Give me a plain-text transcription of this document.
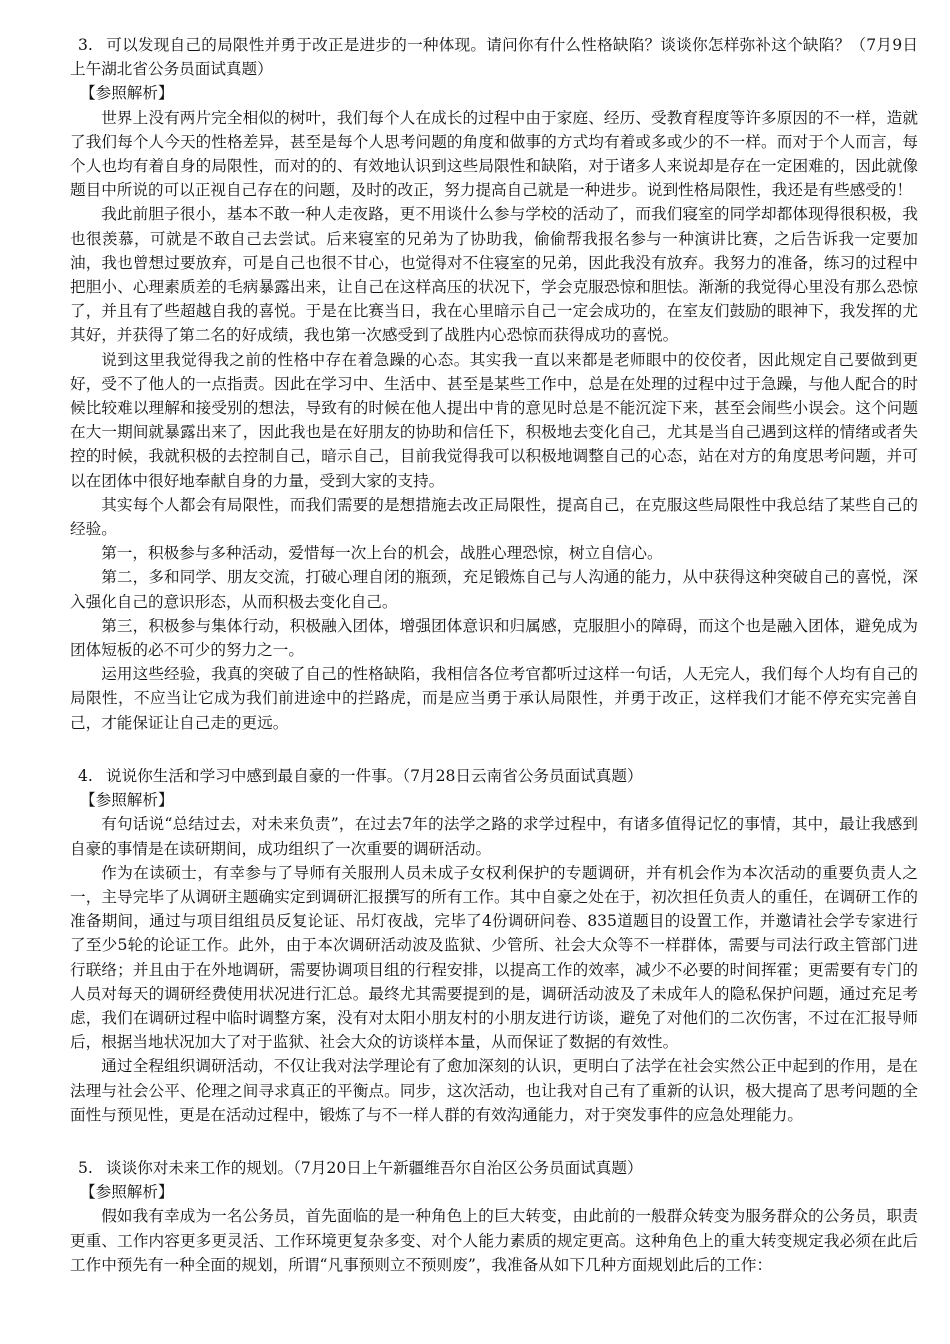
3. 可以发现自己的局限性并勇于改正是进步的一种体现。请问你有什么性格缺陷？谈谈你怎样弥补这个缺陷？（7月9日上午湖北省公务员面试真题）

【参照解析】

世界上没有两片完全相似的树叶，我们每个人在成长的过程中由于家庭、经历、受教育程度等许多原因的不一样，造就了我们每个人今天的性格差异，甚至是每个人思考问题的角度和做事的方式均有着或多或少的不一样。而对于个人而言，每个人也均有着自身的局限性，而对的的、有效地认识到这些局限性和缺陷，对于诸多人来说却是存在一定困难的，因此就像题目中所说的可以正视自己存在的问题，及时的改正，努力提高自己就是一种进步。说到性格局限性，我还是有些感受的！

我此前胆子很小，基本不敢一种人走夜路，更不用谈什么参与学校的活动了，而我们寝室的同学却都体现得很积极，我也很羡慕，可就是不敢自己去尝试。后来寝室的兄弟为了协助我，偷偷帮我报名参与一种演讲比赛，之后告诉我一定要加油，我也曾想过要放弃，可是自己也很不甘心，也觉得对不住寝室的兄弟，因此我没有放弃。我努力的准备，练习的过程中把胆小、心理素质差的毛病暴露出来，让自己在这样高压的状况下，学会克服恐惊和胆怯。渐渐的我觉得心里没有那么恐惊了，并且有了些超越自我的喜悦。于是在比赛当日，我在心里暗示自己一定会成功的，在室友们鼓励的眼神下，我发挥的尤其好，并获得了第二名的好成绩，我也第一次感受到了战胜内心恐惊而获得成功的喜悦。

说到这里我觉得我之前的性格中存在着急躁的心态。其实我一直以来都是老师眼中的佼佼者，因此规定自己要做到更好，受不了他人的一点指责。因此在学习中、生活中、甚至是某些工作中，总是在处理的过程中过于急躁，与他人配合的时候比较难以理解和接受别的想法，导致有的时候在他人提出中肯的意见时总是不能沉淀下来，甚至会闹些小误会。这个问题在大一期间就暴露出来了，因此我也是在好朋友的协助和信任下，积极地去变化自己，尤其是当自己遇到这样的情绪或者失控的时候，我就积极的去控制自己，暗示自己，目前我觉得我可以积极地调整自己的心态，站在对方的角度思考问题，并可以在团体中很好地奉献自身的力量，受到大家的支持。

其实每个人都会有局限性，而我们需要的是想措施去改正局限性，提高自己，在克服这些局限性中我总结了某些自己的经验。

第一，积极参与多种活动，爱惜每一次上台的机会，战胜心理恐惊，树立自信心。

第二，多和同学、朋友交流，打破心理自闭的瓶颈，充足锻炼自己与人沟通的能力，从中获得这种突破自己的喜悦，深入强化自己的意识形态，从而积极去变化自己。

第三，积极参与集体行动，积极融入团体，增强团体意识和归属感，克服胆小的障碍，而这个也是融入团体，避免成为团体短板的必不可少的努力之一。

运用这些经验，我真的突破了自己的性格缺陷，我相信各位考官都听过这样一句话，人无完人，我们每个人均有自己的局限性，不应当让它成为我们前进途中的拦路虎，而是应当勇于承认局限性，并勇于改正，这样我们才能不停充实完善自己，才能保证让自己走的更远。

4. 说说你生活和学习中感到最自豪的一件事。（7月28日云南省公务员面试真题）

【参照解析】

有句话说“总结过去，对未来负责”，在过去7年的法学之路的求学过程中，有诸多值得记忆的事情，其中，最让我感到自豪的事情是在读研期间，成功组织了一次重要的调研活动。

作为在读硕士，有幸参与了导师有关服刑人员未成子女权利保护的专题调研，并有机会作为本次活动的重要负责人之一，主导完毕了从调研主题确实定到调研汇报撰写的所有工作。其中自豪之处在于，初次担任负责人的重任，在调研工作的准备期间，通过与项目组组员反复论证、吊灯夜战，完毕了4份调研问卷、835道题目的设置工作，并邀请社会学专家进行了至少5轮的论证工作。此外，由于本次调研活动波及监狱、少管所、社会大众等不一样群体，需要与司法行政主管部门进行联络；并且由于在外地调研，需要协调项目组的行程安排，以提高工作的效率，减少不必要的时间挥霍；更需要有专门的人员对每天的调研经费使用状况进行汇总。最终尤其需要提到的是，调研活动波及了未成年人的隐私保护问题，通过充足考虑，我们在调研过程中临时调整方案，没有对太阳小朋友村的小朋友进行访谈，避免了对他们的二次伤害，不过在汇报导师后，根据当地状况加大了对于监狱、社会大众的访谈样本量，从而保证了数据的有效性。

通过全程组织调研活动，不仅让我对法学理论有了愈加深刻的认识，更明白了法学在社会实然公正中起到的作用，是在法理与社会公平、伦理之间寻求真正的平衡点。同步，这次活动，也让我对自己有了重新的认识，极大提高了思考问题的全面性与预见性，更是在活动过程中，锻炼了与不一样人群的有效沟通能力，对于突发事件的应急处理能力。

5. 谈谈你对未来工作的规划。（7月20日上午新疆维吾尔自治区公务员面试真题）

【参照解析】

假如我有幸成为一名公务员，首先面临的是一种角色上的巨大转变，由此前的一般群众转变为服务群众的公务员，职责更重、工作内容更多更灵活、工作环境更复杂多变、对个人能力素质的规定更高。这种角色上的重大转变规定我必须在此后工作中预先有一种全面的规划，所谓“凡事预则立不预则废”，我准备从如下几种方面规划此后的工作：
